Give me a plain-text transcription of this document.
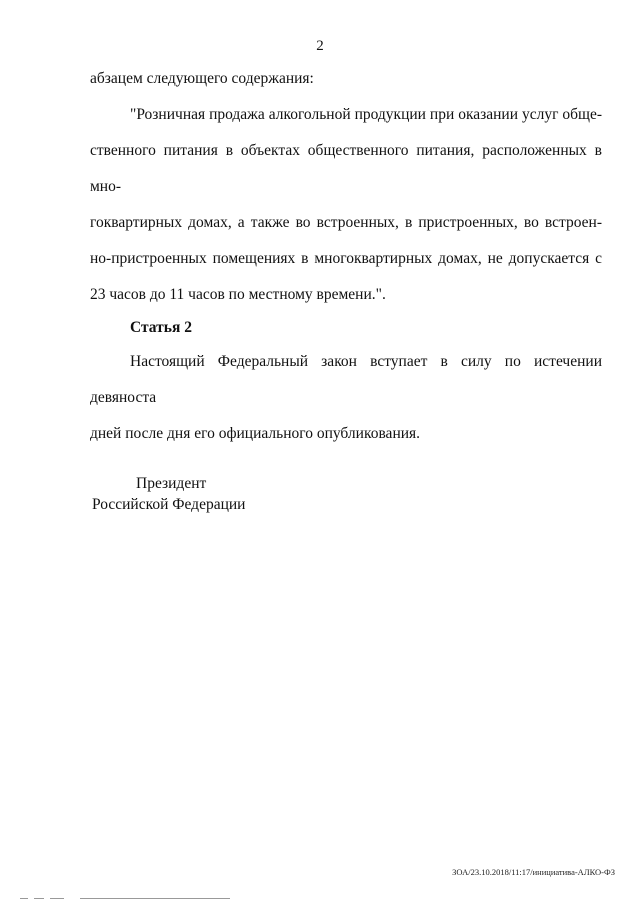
2
абзацем следующего содержания:
"Розничная продажа алкогольной продукции при оказании услуг обще-
ственного питания в объектах общественного питания, расположенных в мно-
гоквартирных домах, а также во встроенных, в пристроенных, во встроен-
но-пристроенных помещениях в многоквартирных домах, не допускается с
23 часов до 11 часов по местному времени.".
Статья 2
Настоящий Федеральный закон вступает в силу по истечении девяноста
дней после дня его официального опубликования.
Президент
Российской Федерации
ЗОА/23.10.2018/11:17/инициатива-АЛКО-ФЗ
